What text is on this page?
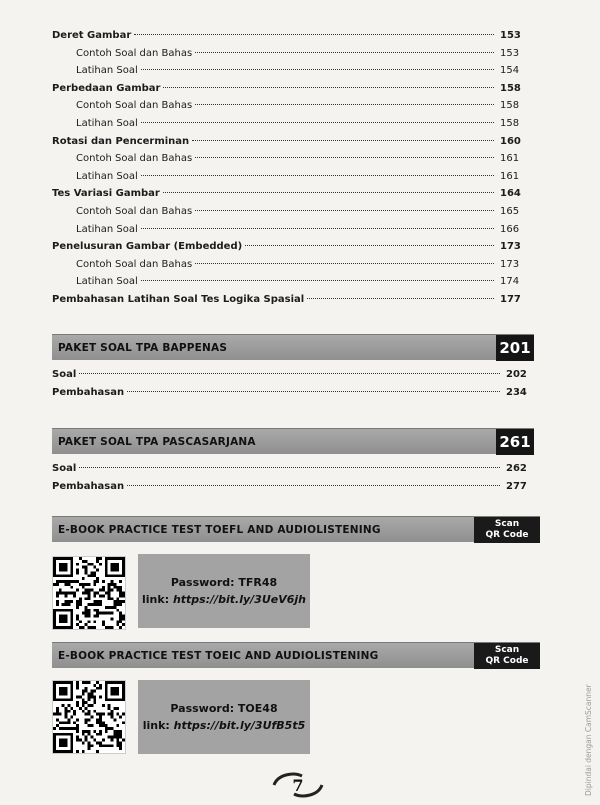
Deret Gambar	153
Contoh Soal dan Bahas	153
Latihan Soal	154
Perbedaan Gambar	158
Contoh Soal dan Bahas	158
Latihan Soal	158
Rotasi dan Pencerminan	160
Contoh Soal dan Bahas	161
Latihan Soal	161
Tes Variasi Gambar	164
Contoh Soal dan Bahas	165
Latihan Soal	166
Penelusuran Gambar (Embedded)	173
Contoh Soal dan Bahas	173
Latihan Soal	174
Pembahasan Latihan Soal Tes Logika Spasial	177
PAKET SOAL TPA BAPPENAS	201
Soal	202
Pembahasan	234
PAKET SOAL TPA PASCASARJANA	261
Soal	262
Pembahasan	277
E-BOOK PRACTICE TEST TOEFL AND AUDIOLISTENING	Scan
QR Code
Password: TFR48
link: https://bit.ly/3UeV6jh
E-BOOK PRACTICE TEST TOEIC AND AUDIOLISTENING	Scan
QR Code
Password: TOE48
link: https://bit.ly/3UfB5t5
7	Dipindai dengan CamScanner
